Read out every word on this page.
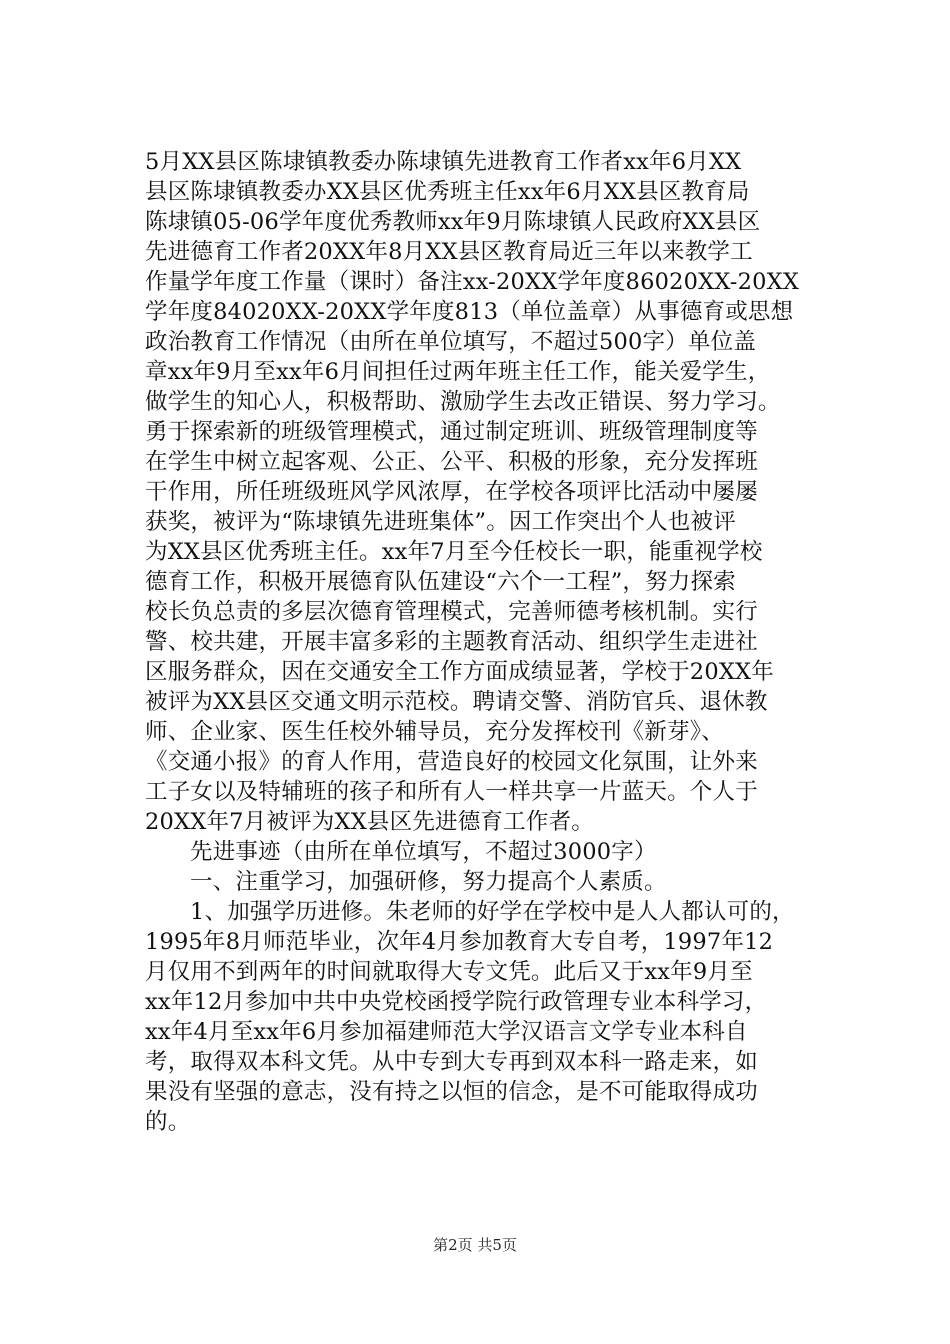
5月XX县区陈埭镇教委办陈埭镇先进教育工作者xx年6月XX
县区陈埭镇教委办XX县区优秀班主任xx年6月XX县区教育局
陈埭镇05-06学年度优秀教师xx年9月陈埭镇人民政府XX县区
先进德育工作者20XX年8月XX县区教育局近三年以来教学工
作量学年度工作量（课时）备注xx-20XX学年度86020XX-20XX
学年度84020XX-20XX学年度813（单位盖章）从事德育或思想
政治教育工作情况（由所在单位填写，不超过500字）单位盖
章xx年9月至xx年6月间担任过两年班主任工作，能关爱学生，
做学生的知心人，积极帮助、激励学生去改正错误、努力学习。
勇于探索新的班级管理模式，通过制定班训、班级管理制度等
在学生中树立起客观、公正、公平、积极的形象，充分发挥班
干作用，所任班级班风学风浓厚，在学校各项评比活动中屡屡
获奖，被评为“陈埭镇先进班集体”。因工作突出个人也被评
为XX县区优秀班主任。xx年7月至今任校长一职，能重视学校
德育工作，积极开展德育队伍建设“六个一工程”，努力探索
校长负总责的多层次德育管理模式，完善师德考核机制。实行
警、校共建，开展丰富多彩的主题教育活动、组织学生走进社
区服务群众，因在交通安全工作方面成绩显著，学校于20XX年
被评为XX县区交通文明示范校。聘请交警、消防官兵、退休教
师、企业家、医生任校外辅导员，充分发挥校刊《新芽》、
《交通小报》的育人作用，营造良好的校园文化氛围，让外来
工子女以及特辅班的孩子和所有人一样共享一片蓝天。个人于
20XX年7月被评为XX县区先进德育工作者。
先进事迹（由所在单位填写，不超过3000字）
一、注重学习，加强研修，努力提高个人素质。
1、加强学历进修。朱老师的好学在学校中是人人都认可的，
1995年8月师范毕业，次年4月参加教育大专自考，1997年12
月仅用不到两年的时间就取得大专文凭。此后又于xx年9月至
xx年12月参加中共中央党校函授学院行政管理专业本科学习，
xx年4月至xx年6月参加福建师范大学汉语言文学专业本科自
考，取得双本科文凭。从中专到大专再到双本科一路走来，如
果没有坚强的意志，没有持之以恒的信念，是不可能取得成功
的。
第2页 共5页
